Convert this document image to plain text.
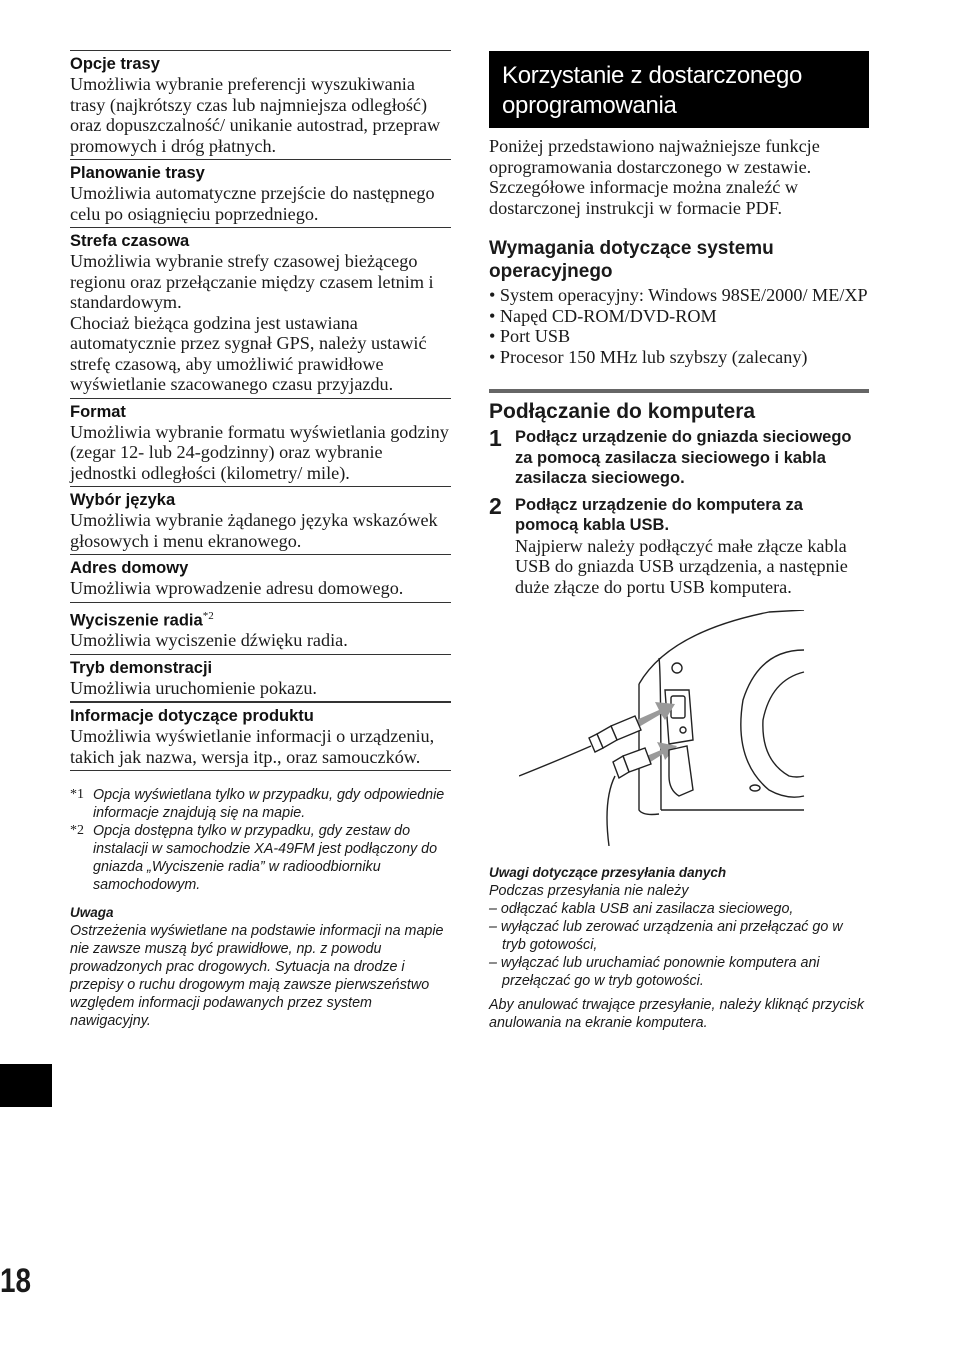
Opcje trasy
Umożliwia wybranie preferencji wyszukiwania trasy (najkrótszy czas lub najmniejsza odległość) oraz dopuszczalność/ unikanie autostrad, przepraw promowych i dróg płatnych.
Planowanie trasy
Umożliwia automatyczne przejście do następnego celu po osiągnięciu poprzedniego.
Strefa czasowa
Umożliwia wybranie strefy czasowej bieżącego regionu oraz przełączanie między czasem letnim i standardowym.
Chociaż bieżąca godzina jest ustawiana automatycznie przez sygnał GPS, należy ustawić strefę czasową, aby umożliwić prawidłowe wyświetlanie szacowanego czasu przyjazdu.
Format
Umożliwia wybranie formatu wyświetlania godziny (zegar 12- lub 24-godzinny) oraz wybranie jednostki odległości (kilometry/ mile).
Wybór języka
Umożliwia wybranie żądanego języka wskazówek głosowych i menu ekranowego.
Adres domowy
Umożliwia wprowadzenie adresu domowego.
Wyciszenie radia$^{*2}$
Umożliwia wyciszenie dźwięku radia.
Tryb demonstracji
Umożliwia uruchomienie pokazu.
Informacje dotyczące produktu
Umożliwia wyświetlanie informacji o urządzeniu, takich jak nazwa, wersja itp., oraz samouczków.
*1 Opcja wyświetlana tylko w przypadku, gdy odpowiednie informacje znajdują się na mapie.
*2 Opcja dostępna tylko w przypadku, gdy zestaw do instalacji w samochodzie XA-49FM jest podłączony do gniazda „Wyciszenie radia” w radioodbiorniku samochodowym.
Uwaga
Ostrzeżenia wyświetlane na podstawie informacji na mapie nie zawsze muszą być prawidłowe, np. z powodu prowadzonych prac drogowych. Sytuacja na drodze i przepisy o ruchu drogowym mają zawsze pierwszeństwo względem informacji podawanych przez system nawigacyjny.
18
Korzystanie z dostarczonego oprogramowania
Poniżej przedstawiono najważniejsze funkcje oprogramowania dostarczonego w zestawie. Szczegółowe informacje można znaleźć w dostarczonej instrukcji w formacie PDF.
Wymagania dotyczące systemu operacyjnego
• System operacyjny: Windows 98SE/2000/ ME/XP
• Napęd CD-ROM/DVD-ROM
• Port USB
• Procesor 150 MHz lub szybszy (zalecany)
Podłączanie do komputera
1 Podłącz urządzenie do gniazda sieciowego za pomocą zasilacza sieciowego i kabla zasilacza sieciowego.
2 Podłącz urządzenie do komputera za pomocą kabla USB.
Najpierw należy podłączyć małe złącze kabla USB do gniazda USB urządzenia, a następnie duże złącze do portu USB komputera.
Uwagi dotyczące przesyłania danych
Podczas przesyłania nie należy
– odłączać kabla USB ani zasilacza sieciowego,
– wyłączać lub zerować urządzenia ani przełączać go w tryb gotowości,
– wyłączać lub uruchamiać ponownie komputera ani przełączać go w tryb gotowości.
Aby anulować trwające przesyłanie, należy kliknąć przycisk anulowania na ekranie komputera.
